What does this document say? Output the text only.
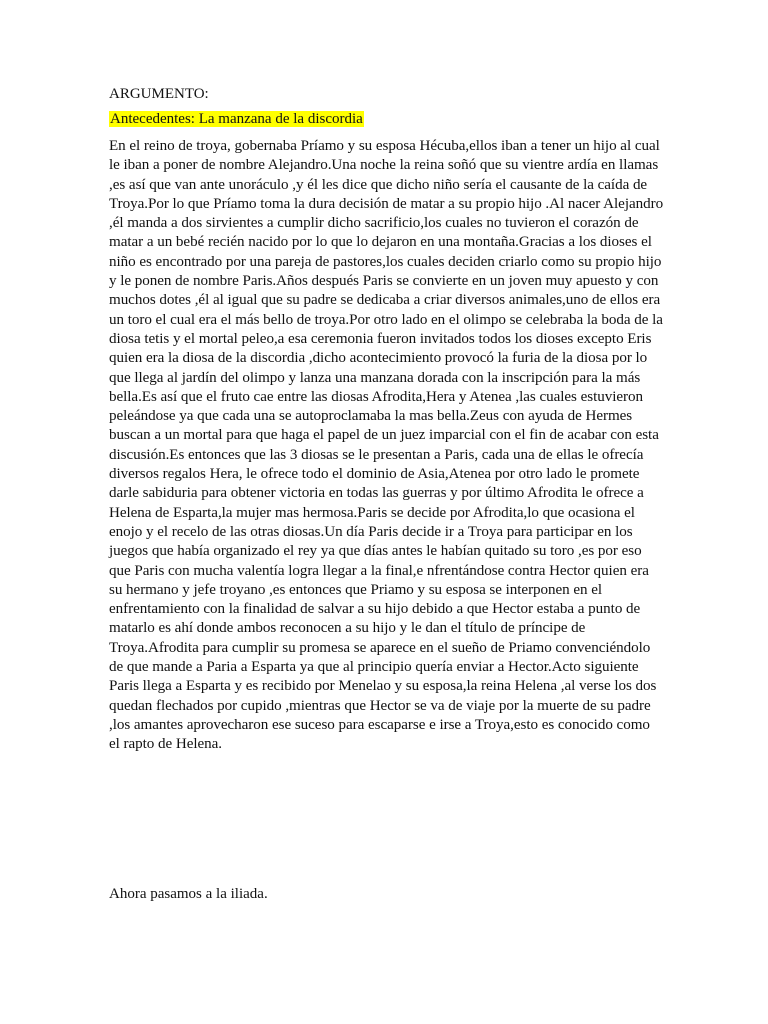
ARGUMENTO:

Antecedentes: La manzana de la discordia

En el reino de troya, gobernaba Príamo y su esposa Hécuba,ellos iban a tener un hijo al cual le iban a poner de nombre Alejandro.Una noche la reina soñó que su vientre ardía en llamas ,es así que van ante unoráculo ,y él les dice que dicho niño sería el causante de la caída de Troya.Por lo que Príamo toma la dura decisión de matar a su propio hijo .Al nacer Alejandro ,él manda a dos sirvientes a cumplir dicho sacrificio,los cuales no tuvieron el corazón de matar a un bebé recién nacido por lo que lo dejaron en una montaña.Gracias a los dioses el niño es encontrado por una pareja de pastores,los cuales deciden criarlo como su propio hijo y le ponen de nombre Paris.Años después Paris se convierte en un joven muy apuesto y con muchos dotes ,él al igual que su padre se dedicaba a criar diversos animales,uno de ellos era un toro el cual era el más bello de troya.Por otro lado en el olimpo se celebraba la boda de la diosa tetis y el mortal peleo,a esa ceremonia fueron invitados todos los dioses excepto Eris quien era la diosa de la discordia ,dicho acontecimiento provocó la furia de la diosa por lo que llega al jardín del olimpo y lanza una manzana dorada con la inscripción para la más bella.Es así que el fruto cae entre las diosas Afrodita,Hera y Atenea ,las cuales estuvieron peleándose ya que cada una se autoproclamaba la mas bella.Zeus con ayuda de Hermes buscan a un mortal para que haga el papel de un juez imparcial con el fin de acabar con esta discusión.Es entonces que las 3 diosas se le presentan a Paris, cada una de ellas le ofrecía diversos regalos Hera, le ofrece todo el dominio de Asia,Atenea por otro lado le promete darle sabiduria para obtener victoria en todas las guerras y por último Afrodita le ofrece a Helena de Esparta,la mujer mas hermosa.Paris se decide por Afrodita,lo que ocasiona el enojo y el recelo de las otras diosas.Un día Paris decide ir a Troya para participar en los juegos que había organizado el rey ya que días antes le habían quitado su toro ,es por eso que Paris con mucha valentía logra llegar a la final,e nfrentándose contra Hector quien era su hermano y jefe troyano ,es entonces que Priamo y su esposa se interponen en el enfrentamiento con la finalidad de salvar a su hijo debido a que Hector estaba a punto de matarlo es ahí donde ambos reconocen a su hijo y le dan el título de príncipe de Troya.Afrodita para cumplir su promesa se aparece en el sueño de Priamo convenciéndolo de que mande a Paria a Esparta ya que al principio quería enviar a Hector.Acto siguiente Paris llega a Esparta y es recibido por Menelao y su esposa,la reina Helena ,al verse los dos quedan flechados por cupido ,mientras que Hector se va de viaje por la muerte de su padre ,los amantes aprovecharon ese suceso para escaparse e irse a Troya,esto es conocido como el rapto de Helena.

Ahora pasamos a la iliada.
